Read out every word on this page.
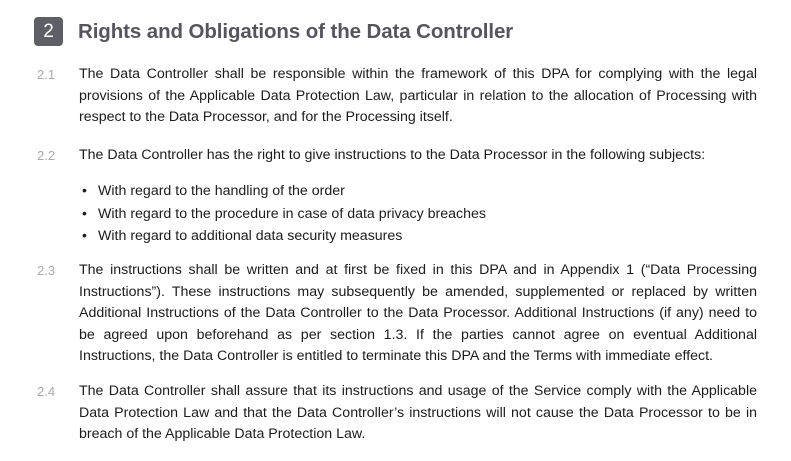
2	Rights and Obligations of the Data Controller
2.1 The Data Controller shall be responsible within the framework of this DPA for complying with the legal provisions of the Applicable Data Protection Law, particular in relation to the allocation of Processing with respect to the Data Processor, and for the Processing itself.
2.2 The Data Controller has the right to give instructions to the Data Processor in the following subjects:
• With regard to the handling of the order
• With regard to the procedure in case of data privacy breaches
• With regard to additional data security measures
2.3 The instructions shall be written and at first be fixed in this DPA and in Appendix 1 (“Data Processing Instructions”). These instructions may subsequently be amended, supplemented or replaced by written Additional Instructions of the Data Controller to the Data Processor. Additional Instructions (if any) need to be agreed upon beforehand as per section 1.3. If the parties cannot agree on eventual Additional Instructions, the Data Controller is entitled to terminate this DPA and the Terms with immediate effect.
2.4 The Data Controller shall assure that its instructions and usage of the Service comply with the Applicable Data Protection Law and that the Data Controller’s instructions will not cause the Data Processor to be in breach of the Applicable Data Protection Law.
